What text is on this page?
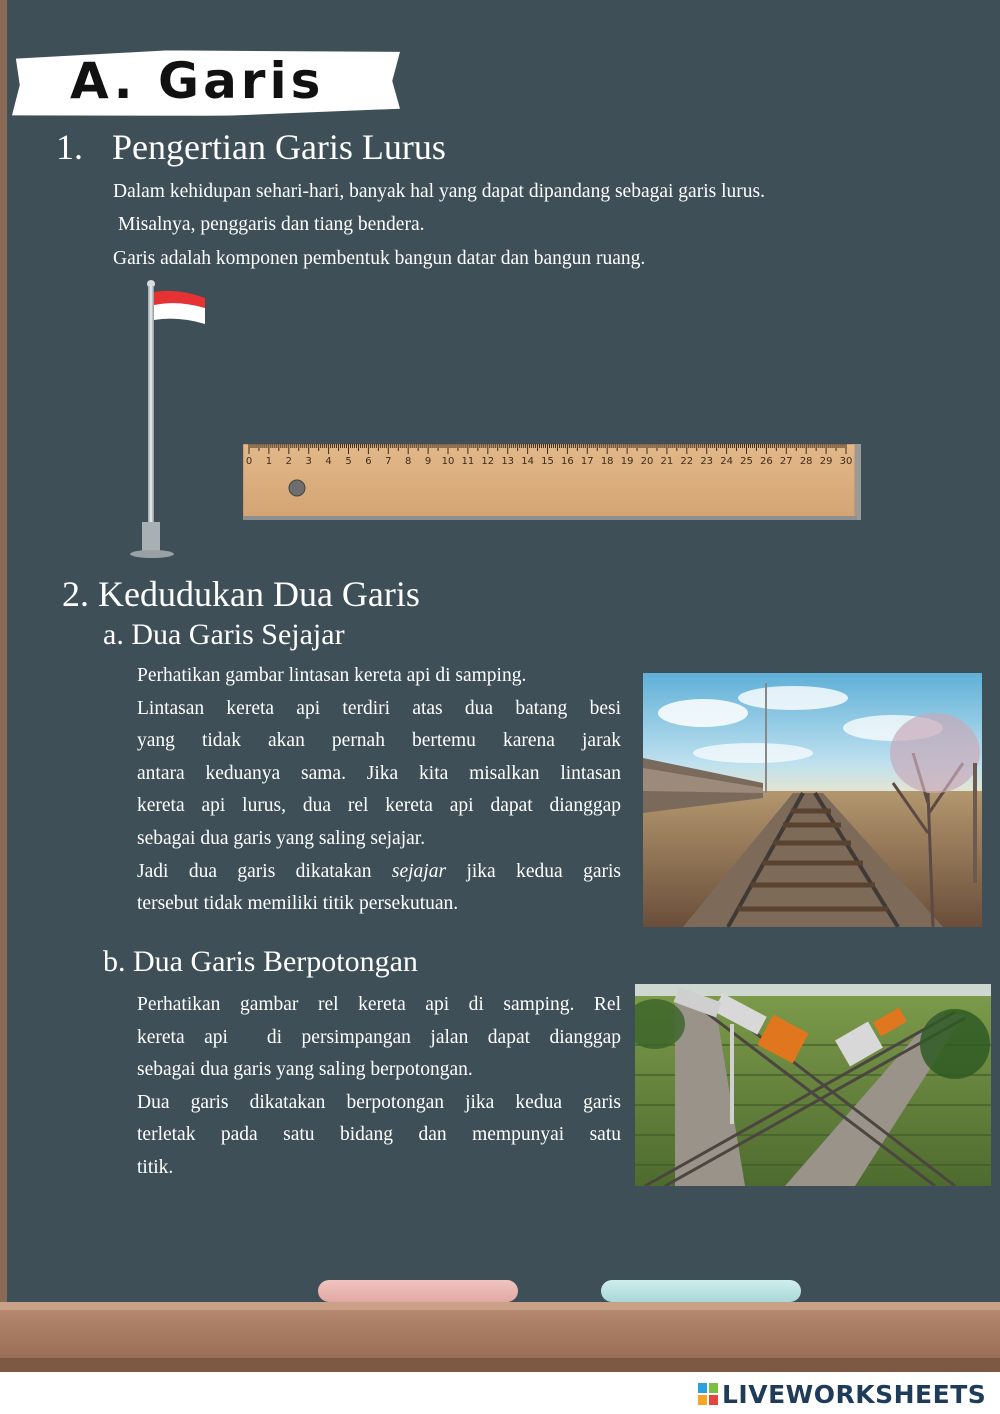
A. Garis
1. Pengertian Garis Lurus
Dalam kehidupan sehari-hari, banyak hal yang dapat dipandang sebagai garis lurus.
Misalnya, penggaris dan tiang bendera.
Garis adalah komponen pembentuk bangun datar dan bangun ruang.
0 1 2 3 4 5 6 7 8 9 10 11 12 13 14 15 16 17 18 19 20 21 22 23 24 25 26 27 28 29 30
2. Kedudukan Dua Garis
a. Dua Garis Sejajar
Perhatikan gambar lintasan kereta api di samping.
Lintasan kereta api terdiri atas dua batang besi
yang tidak akan pernah bertemu karena jarak
antara keduanya sama. Jika kita misalkan lintasan
kereta api lurus, dua rel kereta api dapat dianggap
sebagai dua garis yang saling sejajar.
Jadi dua garis dikatakan sejajar jika kedua garis
tersebut tidak memiliki titik persekutuan.
b. Dua Garis Berpotongan
Perhatikan gambar rel kereta api di samping. Rel
kereta api  di persimpangan jalan dapat dianggap
sebagai dua garis yang saling berpotongan.
Dua garis dikatakan berpotongan jika kedua garis
terletak pada satu bidang dan mempunyai satu
titik.
LIVEWORKSHEETS
